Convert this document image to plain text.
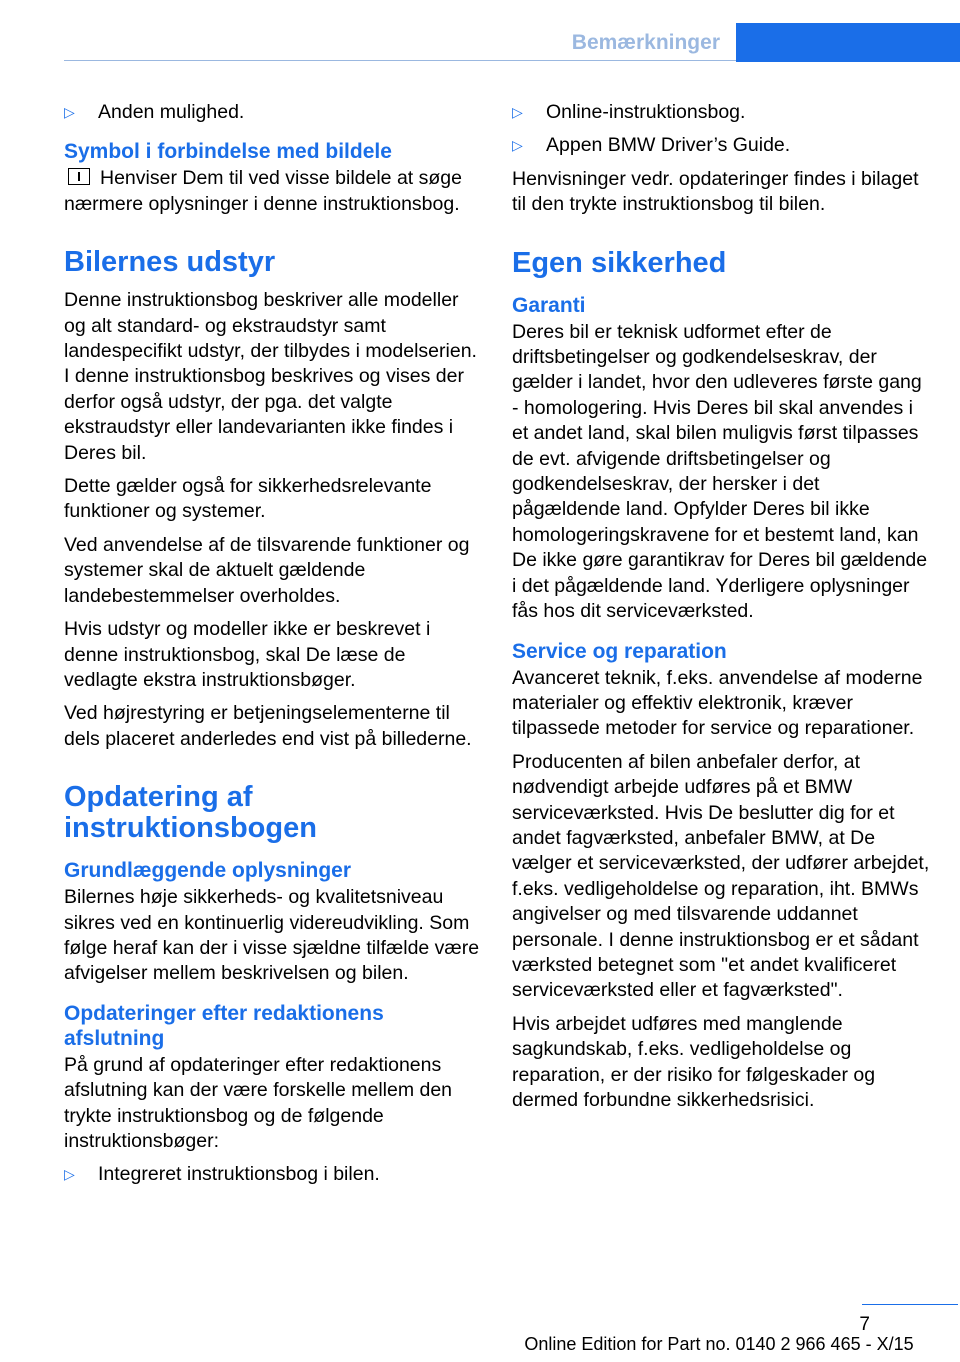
Bemærkninger
▷	Anden mulighed.
Symbol i forbindelse med bildele

Henviser Dem til ved visse bildele at søge nærmere oplysninger i denne instruktionsbog.

Bilernes udstyr

Denne instruktionsbog beskriver alle modeller og alt standard- og ekstraudstyr samt landespecifikt udstyr, der tilbydes i modelserien. I denne instruktionsbog beskrives og vises der derfor også udstyr, der pga. det valgte ekstraudstyr eller landevarianten ikke findes i Deres bil.

Dette gælder også for sikkerhedsrelevante funktioner og systemer.

Ved anvendelse af de tilsvarende funktioner og systemer skal de aktuelt gældende landebestemmelser overholdes.

Hvis udstyr og modeller ikke er beskrevet i denne instruktionsbog, skal De læse de vedlagte ekstra instruktionsbøger.

Ved højrestyring er betjeningselementerne til dels placeret anderledes end vist på billederne.

Opdatering af instruktionsbogen
Grundlæggende oplysninger

Bilernes høje sikkerheds- og kvalitetsniveau sikres ved en kontinuerlig videreudvikling. Som følge heraf kan der i visse sjældne tilfælde være afvigelser mellem beskrivelsen og bilen.

Opdateringer efter redaktionens afslutning

På grund af opdateringer efter redaktionens afslutning kan der være forskelle mellem den trykte instruktionsbog og de følgende instruktionsbøger:

▷	Integreret instruktionsbog i bilen.
▷	Online-instruktionsbog.
▷	Appen BMW Driver’s Guide.

Henvisninger vedr. opdateringer findes i bilaget til den trykte instruktionsbog til bilen.

Egen sikkerhed
Garanti

Deres bil er teknisk udformet efter de driftsbetingelser og godkendelseskrav, der gælder i landet, hvor den udleveres første gang - homologering. Hvis Deres bil skal anvendes i et andet land, skal bilen muligvis først tilpasses de evt. afvigende driftsbetingelser og godkendelseskrav, der hersker i det pågældende land. Opfylder Deres bil ikke homologeringskravene for et bestemt land, kan De ikke gøre garantikrav for Deres bil gældende i det pågældende land. Yderligere oplysninger fås hos dit serviceværksted.

Service og reparation

Avanceret teknik, f.eks. anvendelse af moderne materialer og effektiv elektronik, kræver tilpassede metoder for service og reparationer.

Producenten af bilen anbefaler derfor, at nødvendigt arbejde udføres på et BMW serviceværksted. Hvis De beslutter dig for et andet fagværksted, anbefaler BMW, at De vælger et serviceværksted, der udfører arbejdet, f.eks. vedligeholdelse og reparation, iht. BMWs angivelser og med tilsvarende uddannet personale. I denne instruktionsbog er et sådant værksted betegnet som "et andet kvalificeret serviceværksted eller et fagværksted".

Hvis arbejdet udføres med manglende sagkundskab, f.eks. vedligeholdelse og reparation, er der risiko for følgeskader og dermed forbundne sikkerhedsrisici.

7
Online Edition for Part no. 0140 2 966 465 - X/15
